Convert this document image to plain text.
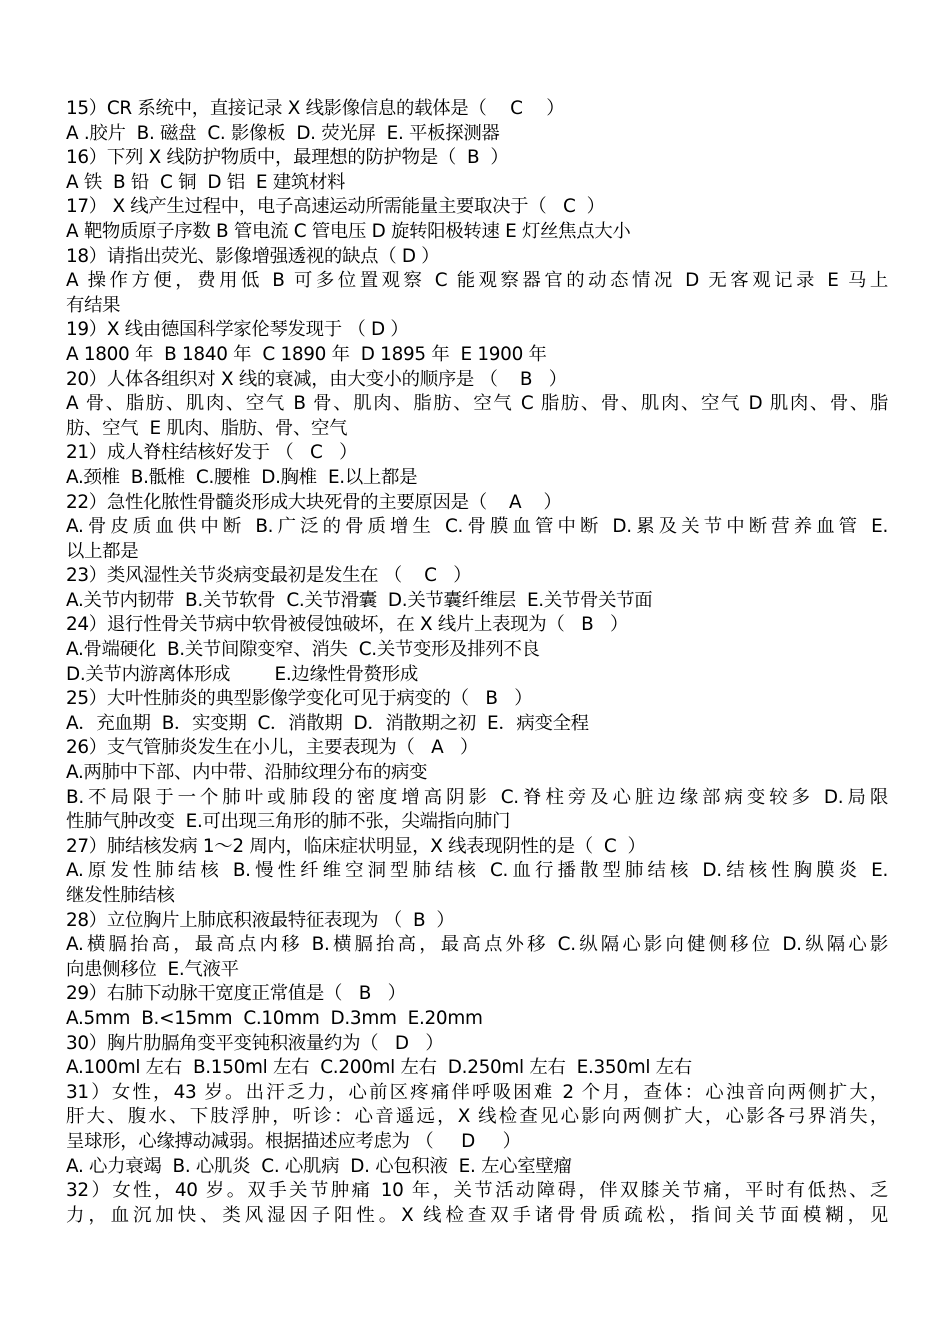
15）CR 系统中，直接记录 X 线影像信息的载体是（　 C　 ）
A .胶片  B. 磁盘  C. 影像板  D. 荧光屏  E. 平板探测器
16）下列 X 线防护物质中，最理想的防护物是（  B  ）
A 铁  B 铅  C 铜  D 铝  E 建筑材料
17） X 线产生过程中，电子高速运动所需能量主要取决于（   C  ）
A 靶物质原子序数 B 管电流 C 管电压 D 旋转阳极转速 E 灯丝焦点大小
18）请指出荧光、影像增强透视的缺点（ D ）
A 操作方便，费用低 B 可多位置观察 C 能观察器官的动态情况 D 无客观记录 E 马上
有结果
19）X 线由德国科学家伦琴发现于 （ D ）
A 1800 年  B 1840 年  C 1890 年  D 1895 年  E 1900 年
20）人体各组织对 X 线的衰减，由大变小的顺序是 （    B   ）
A 骨、脂肪、肌肉、空气 B 骨、肌肉、脂肪、空气 C 脂肪、骨、肌肉、空气 D 肌肉、骨、脂
肪、空气  E 肌肉、脂肪、骨、空气
21）成人脊柱结核好发于 （   C   ）
A.颈椎  B.骶椎  C.腰椎  D.胸椎  E.以上都是
22）急性化脓性骨髓炎形成大块死骨的主要原因是（    A    ）
A.骨皮质血供中断 B.广泛的骨质增生 C.骨膜血管中断 D.累及关节中断营养血管 E.
以上都是
23）类风湿性关节炎病变最初是发生在 （    C   ）
A.关节内韧带  B.关节软骨  C.关节滑囊  D.关节囊纤维层  E.关节骨关节面
24）退行性骨关节病中软骨被侵蚀破坏，在 X 线片上表现为（   B   ）
A.骨端硬化  B.关节间隙变窄、消失  C.关节变形及排列不良
D.关节内游离体形成        E.边缘性骨赘形成
25）大叶性肺炎的典型影像学变化可见于病变的（   B   ）
A．充血期  B．实变期  C．消散期  D．消散期之初  E．病变全程
26）支气管肺炎发生在小儿，主要表现为（   A   ）
A.两肺中下部、内中带、沿肺纹理分布的病变
B.不局限于一个肺叶或肺段的密度增高阴影 C.脊柱旁及心脏边缘部病变较多 D.局限
性肺气肿改变  E.可出现三角形的肺不张，尖端指向肺门
27）肺结核发病 1～2 周内，临床症状明显，X 线表现阴性的是（  C  ）
A.原发性肺结核 B.慢性纤维空洞型肺结核 C.血行播散型肺结核 D.结核性胸膜炎 E.
继发性肺结核
28）立位胸片上肺底积液最特征表现为 （  B  ）
A.横膈抬高，最高点内移 B.横膈抬高，最高点外移 C.纵隔心影向健侧移位 D.纵隔心影
向患侧移位  E.气液平
29）右肺下动脉干宽度正常值是（   B   ）
A.5mm  B.<15mm  C.10mm  D.3mm  E.20mm
30）胸片肋膈角变平变钝积液量约为（   D   ）
A.100ml 左右  B.150ml 左右  C.200ml 左右  D.250ml 左右  E.350ml 左右
31）女性，43 岁。出汗乏力，心前区疼痛伴呼吸困难 2 个月，查体：心浊音向两侧扩大，
肝大、腹水、下肢浮肿，听诊：心音遥远，X 线检查见心影向两侧扩大，心影各弓界消失，
呈球形，心缘搏动减弱。根据描述应考虑为 （     D     ）
A. 心力衰竭  B. 心肌炎  C. 心肌病  D. 心包积液  E. 左心室壁瘤
32）女性，40 岁。双手关节肿痛 10 年，关节活动障碍，伴双膝关节痛，平时有低热、乏
力，血沉加快、类风湿因子阳性。X 线检查双手诸骨骨质疏松，指间关节面模糊，见
